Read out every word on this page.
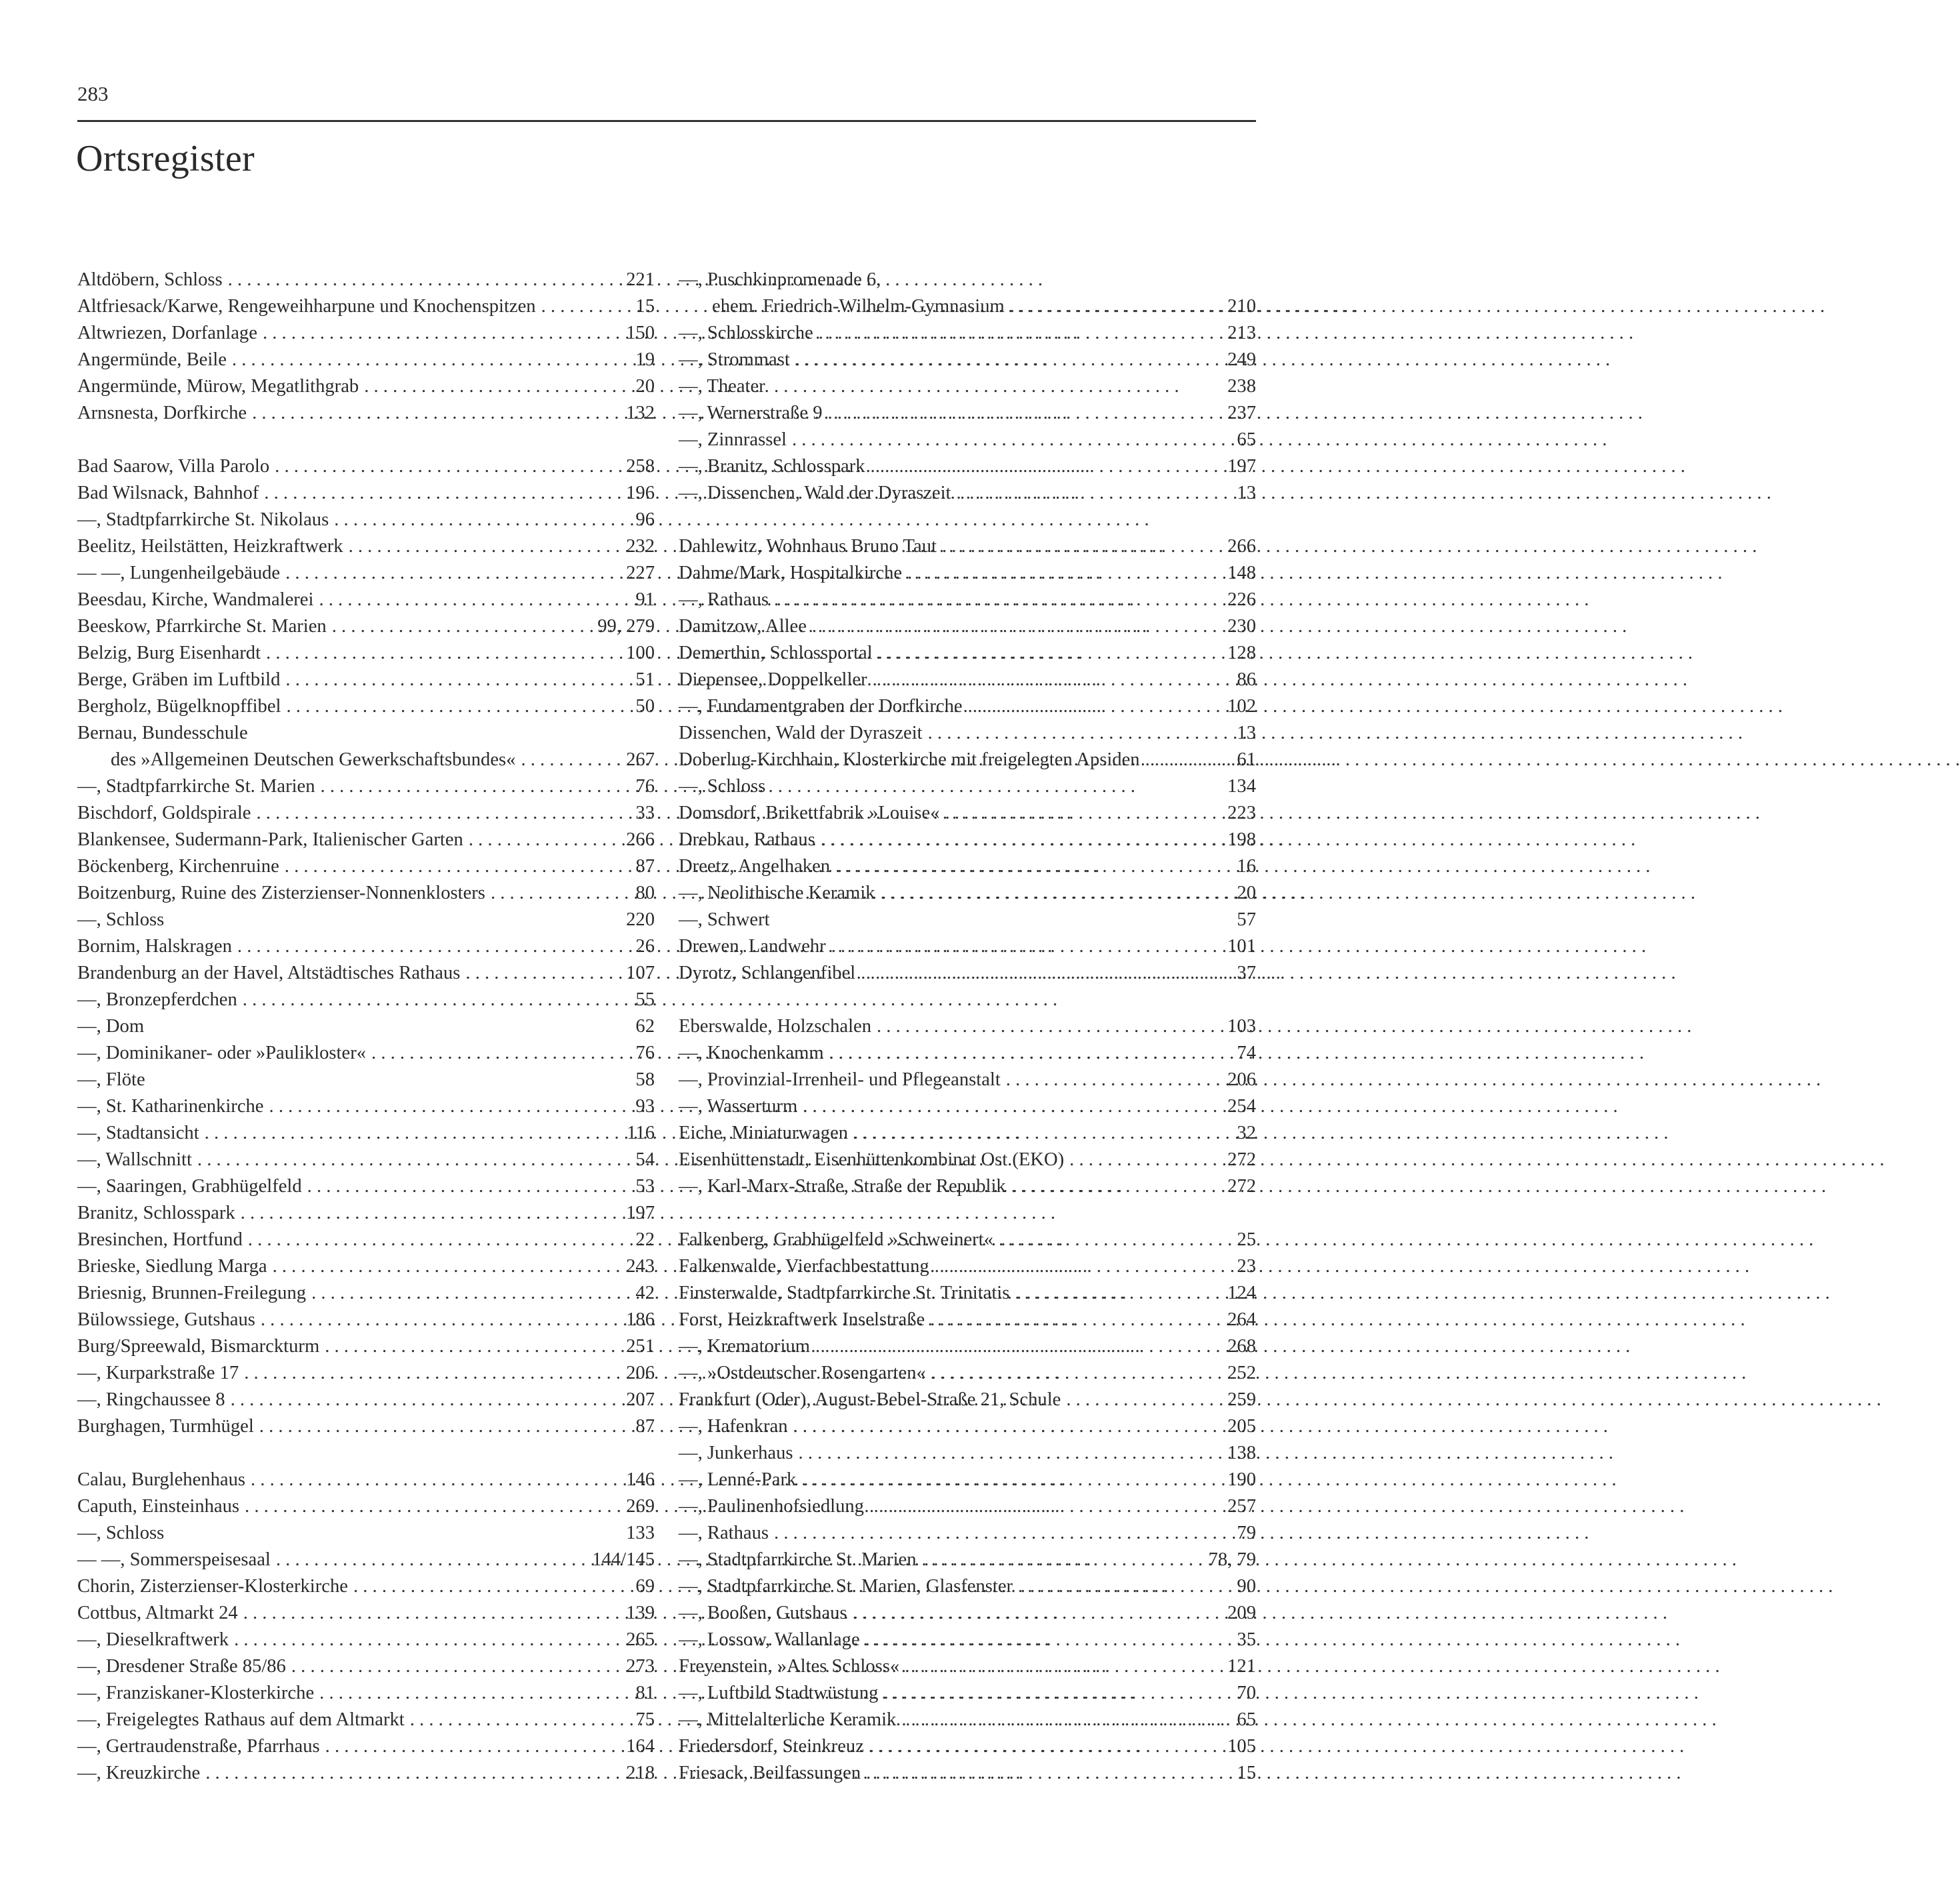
283
Ortsregister
Altdöbern, Schloss . . .	221
Altfriesack/Karwe, Rengeweihharpune und Knochenspitzen . . .	15
Altwriezen, Dorfanlage . . .	150
Angermünde, Beile . . .	19
Angermünde, Mürow, Megatlithgrab . . .	20
Arnsnesta, Dorfkirche . . .	132
Bad Saarow, Villa Parolo . . .	258
Bad Wilsnack, Bahnhof . . .	196
—, Stadtpfarrkirche St. Nikolaus . . .	96
Beelitz, Heilstätten, Heizkraftwerk . . .	232
— —, Lungenheilgebäude . . .	227
Beesdau, Kirche, Wandmalerei . . .	91
Beeskow, Pfarrkirche St. Marien . . .	99, 279
Belzig, Burg Eisenhardt . . .	100
Berge, Gräben im Luftbild . . .	51
Bergholz, Bügelknopffibel . . .	50
Bernau, Bundesschule
des »Allgemeinen Deutschen Gewerkschaftsbundes« . . .	267
—, Stadtpfarrkirche St. Marien . . .	76
Bischdorf, Goldspirale . . .	33
Blankensee, Sudermann-Park, Italienischer Garten . . .	266
Böckenberg, Kirchenruine . . .	87
Boitzenburg, Ruine des Zisterzienser-Nonnenklosters . . .	80
—, Schloss	220
Bornim, Halskragen . . .	26
Brandenburg an der Havel, Altstädtisches Rathaus . . .	107
—, Bronzepferdchen . . .	55
—, Dom	62
—, Dominikaner- oder »Paulikloster« . . .	76
—, Flöte	58
—, St. Katharinenkirche . . .	93
—, Stadtansicht . . .	116
—, Wallschnitt . . .	54
—, Saaringen, Grabhügelfeld . . .	53
Branitz, Schlosspark . . .	197
Bresinchen, Hortfund . . .	22
Brieske, Siedlung Marga . . .	243
Briesnig, Brunnen-Freilegung . . .	42
Bülowssiege, Gutshaus . . .	186
Burg/Spreewald, Bismarckturm . . .	251
—, Kurparkstraße 17 . . .	206
—, Ringchaussee 8 . . .	207
Burghagen, Turmhügel . . .	87
Calau, Burglehenhaus . . .	146
Caputh, Einsteinhaus . . .	269
—, Schloss	133
— —, Sommerspeisesaal . . .	144/145
Chorin, Zisterzienser-Klosterkirche . . .	69
Cottbus, Altmarkt 24 . . .	139
—, Dieselkraftwerk . . .	265
—, Dresdener Straße 85/86 . . .	273
—, Franziskaner-Klosterkirche . . .	81
—, Freigelegtes Rathaus auf dem Altmarkt . . .	75
—, Gertraudenstraße, Pfarrhaus . . .	164
—, Kreuzkirche . . .	218
—, Puschkinpromenade 6,
ehem. Friedrich-Wilhelm-Gymnasium . . .	210
—, Schlosskirche . . .	213
—, Strommast . . .	249
—, Theater	238
—, Wernerstraße 9 . . .	237
—, Zinnrassel . . .	65
—, Branitz, Schlosspark . . .	197
—, Dissenchen, Wald der Dyraszeit . . .	13
Dahlewitz, Wohnhaus Bruno Taut . . .	266
Dahme/Mark, Hospitalkirche . . .	148
—, Rathaus . . .	226
Damitzow, Allee . . .	230
Demerthin, Schlossportal . . .	128
Diepensee, Doppelkeller . . .	86
—, Fundamentgraben der Dorfkirche . . .	102
Dissenchen, Wald der Dyraszeit . . .	13
Doberlug-Kirchhain, Klosterkirche mit freigelegten Apsiden . . .	61
—, Schloss	134
Domsdorf, Brikettfabrik »Louise« . . .	223
Drebkau, Rathaus . . .	198
Dreetz, Angelhaken . . .	16
—, Neolithische Keramik . . .	20
—, Schwert	57
Drewen, Landwehr . . .	101
Dyrotz, Schlangenfibel . . .	37
Eberswalde, Holzschalen . . .	103
—, Knochenkamm . . .	74
—, Provinzial-Irrenheil- und Pflegeanstalt . . .	206
—, Wasserturm . . .	254
Eiche, Miniaturwagen . . .	32
Eisenhüttenstadt, Eisenhüttenkombinat Ost (EKO) . . .	272
—, Karl-Marx-Straße, Straße der Republik . . .	272
Falkenberg, Grabhügelfeld »Schweinert« . . .	25
Falkenwalde, Vierfachbestattung . . .	23
Finsterwalde, Stadtpfarrkirche St. Trinitatis . . .	124
Forst, Heizkraftwerk Inselstraße . . .	264
—, Krematorium . . .	268
—, »Ostdeutscher Rosengarten« . . .	252
Frankfurt (Oder), August-Bebel-Straße 21, Schule . . .	259
—, Hafenkran . . .	205
—, Junkerhaus . . .	138
—, Lenné-Park . . .	190
—, Paulinenhofsiedlung . . .	257
—, Rathaus . . .	79
—, Stadtpfarrkirche St. Marien . . .	78, 79
—, Stadtpfarrkirche St. Marien, Glasfenster . . .	90
—, Booßen, Gutshaus . . .	209
—, Lossow, Wallanlage . . .	35
Freyenstein, »Altes Schloss« . . .	121
—, Luftbild Stadtwüstung . . .	70
—, Mittelalterliche Keramik . . .	65
Friedersdorf, Steinkreuz . . .	105
Friesack, Beilfassungen . . .	15
